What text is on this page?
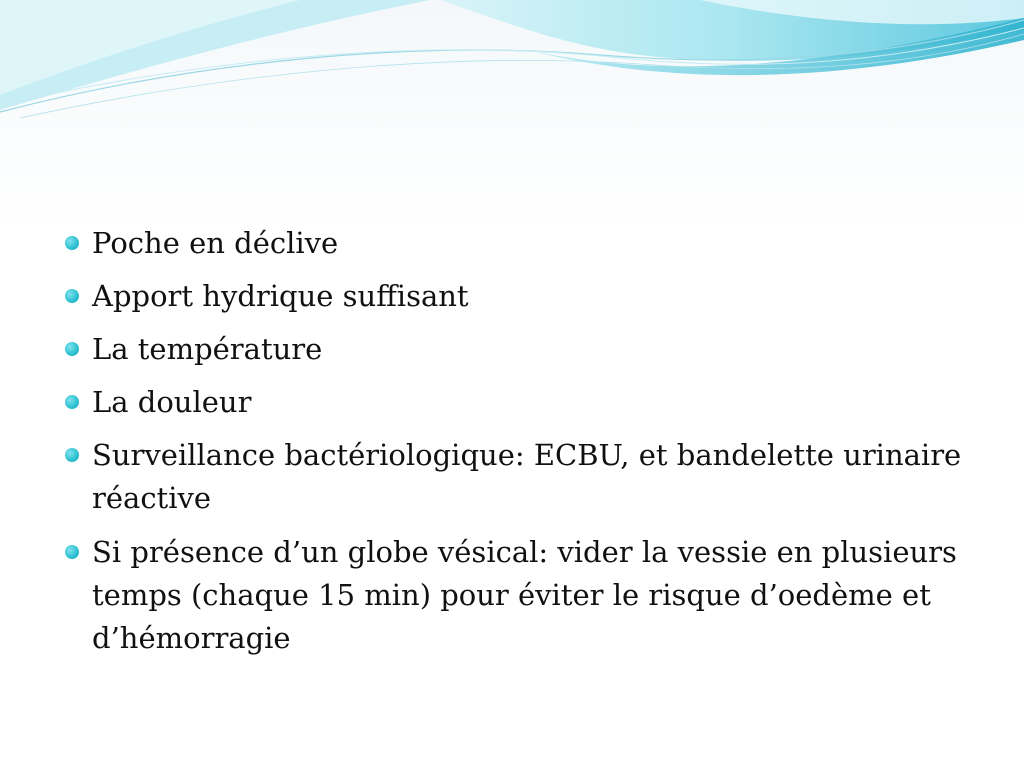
Poche en déclive
Apport hydrique suffisant
La température
La douleur
Surveillance bactériologique: ECBU, et bandelette urinaire réactive
Si présence d’un globe vésical: vider la vessie en plusieurs temps (chaque 15 min) pour éviter le risque d’oedème et d’hémorragie
